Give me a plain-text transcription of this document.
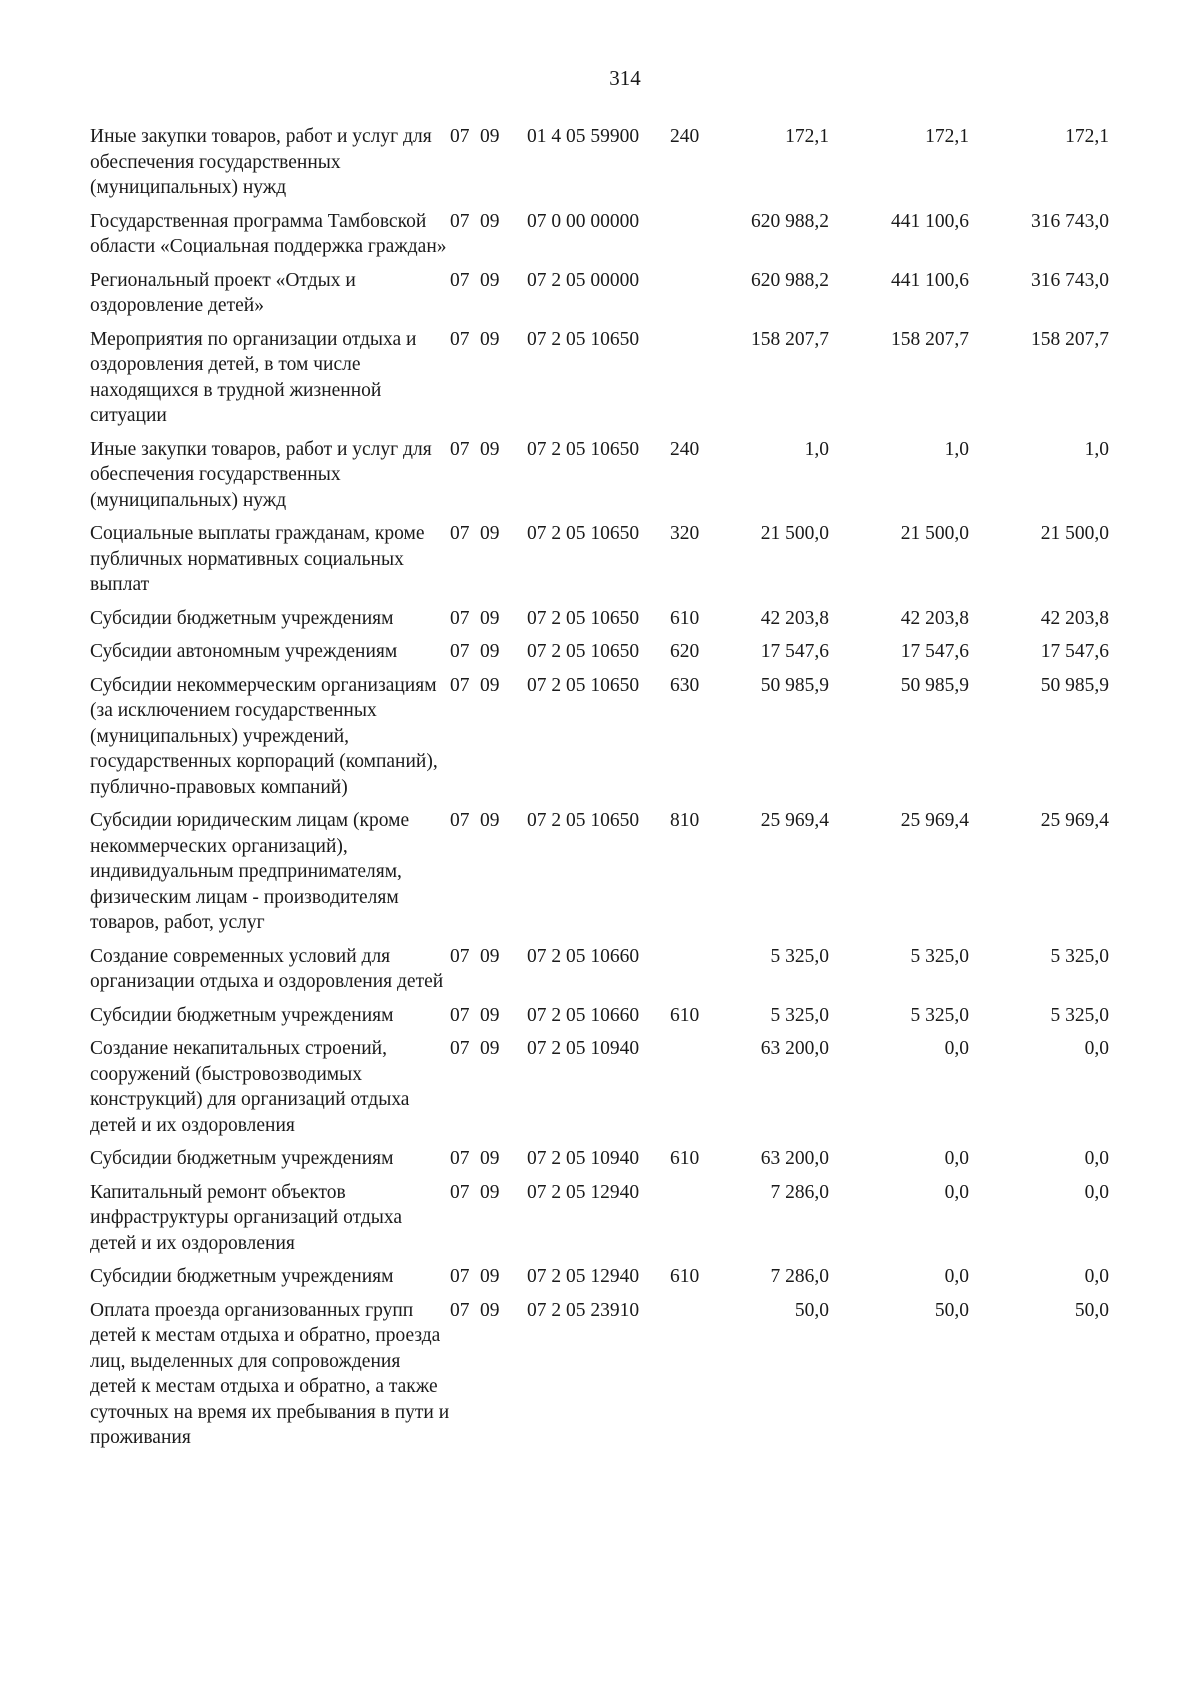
314
Иные закупки товаров, работ и услуг для обеспечения государственных (муниципальных) нужд	07	09	01 4 05 59900	240	172,1	172,1	172,1
Государственная программа Тамбовской области «Социальная поддержка граждан»	07	09	07 0 00 00000		620 988,2	441 100,6	316 743,0
Региональный проект «Отдых и оздоровление детей»	07	09	07 2 05 00000		620 988,2	441 100,6	316 743,0
Мероприятия по организации отдыха и оздоровления детей, в том числе находящихся в трудной жизненной ситуации	07	09	07 2 05 10650		158 207,7	158 207,7	158 207,7
Иные закупки товаров, работ и услуг для обеспечения государственных (муниципальных) нужд	07	09	07 2 05 10650	240	1,0	1,0	1,0
Социальные выплаты гражданам, кроме публичных нормативных социальных выплат	07	09	07 2 05 10650	320	21 500,0	21 500,0	21 500,0
Субсидии бюджетным учреждениям	07	09	07 2 05 10650	610	42 203,8	42 203,8	42 203,8
Субсидии автономным учреждениям	07	09	07 2 05 10650	620	17 547,6	17 547,6	17 547,6
Субсидии некоммерческим организациям (за исключением государственных (муниципальных) учреждений, государственных корпораций (компаний), публично-правовых компаний)	07	09	07 2 05 10650	630	50 985,9	50 985,9	50 985,9
Субсидии юридическим лицам (кроме некоммерческих организаций), индивидуальным предпринимателям, физическим лицам - производителям товаров, работ, услуг	07	09	07 2 05 10650	810	25 969,4	25 969,4	25 969,4
Создание современных условий для организации отдыха и оздоровления детей	07	09	07 2 05 10660		5 325,0	5 325,0	5 325,0
Субсидии бюджетным учреждениям	07	09	07 2 05 10660	610	5 325,0	5 325,0	5 325,0
Создание некапитальных строений, сооружений (быстровозводимых конструкций) для организаций отдыха детей и их оздоровления	07	09	07 2 05 10940		63 200,0	0,0	0,0
Субсидии бюджетным учреждениям	07	09	07 2 05 10940	610	63 200,0	0,0	0,0
Капитальный ремонт объектов инфраструктуры организаций отдыха детей и их оздоровления	07	09	07 2 05 12940		7 286,0	0,0	0,0
Субсидии бюджетным учреждениям	07	09	07 2 05 12940	610	7 286,0	0,0	0,0
Оплата проезда организованных групп детей к местам отдыха и обратно, проезда лиц, выделенных для сопровождения детей к местам отдыха и обратно, а также суточных на время их пребывания в пути и проживания	07	09	07 2 05 23910		50,0	50,0	50,0
